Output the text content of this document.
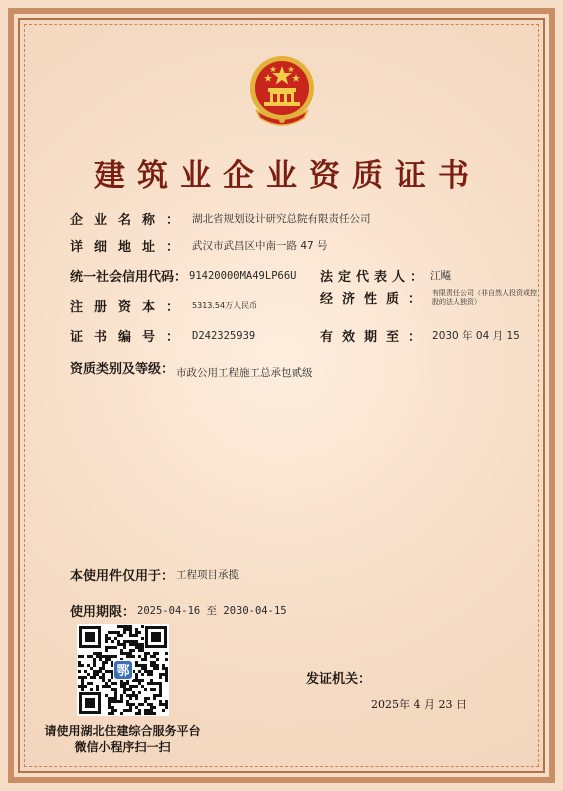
建筑业企业资质证书
企业名称： 湖北省规划设计研究总院有限责任公司
详细地址： 武汉市武昌区中南一路 47 号
统一社会信用代码： 91420000MA49LP66U 法定代表人： 江飚
注册资本： 5313.54万人民币	经济性质： 有限责任公司（非自然人投资或控股的法人独资）
证书编号： D242325939	有效期至： 2030 年 04 月 15
资质类别及等级： 市政公用工程施工总承包贰级
本使用件仅用于： 工程项目承揽
使用期限： 2025-04-16 至 2030-04-15
鄂
请使用湖北住建综合服务平台
微信小程序扫一扫
发证机关：
2025年 4 月 23 日
